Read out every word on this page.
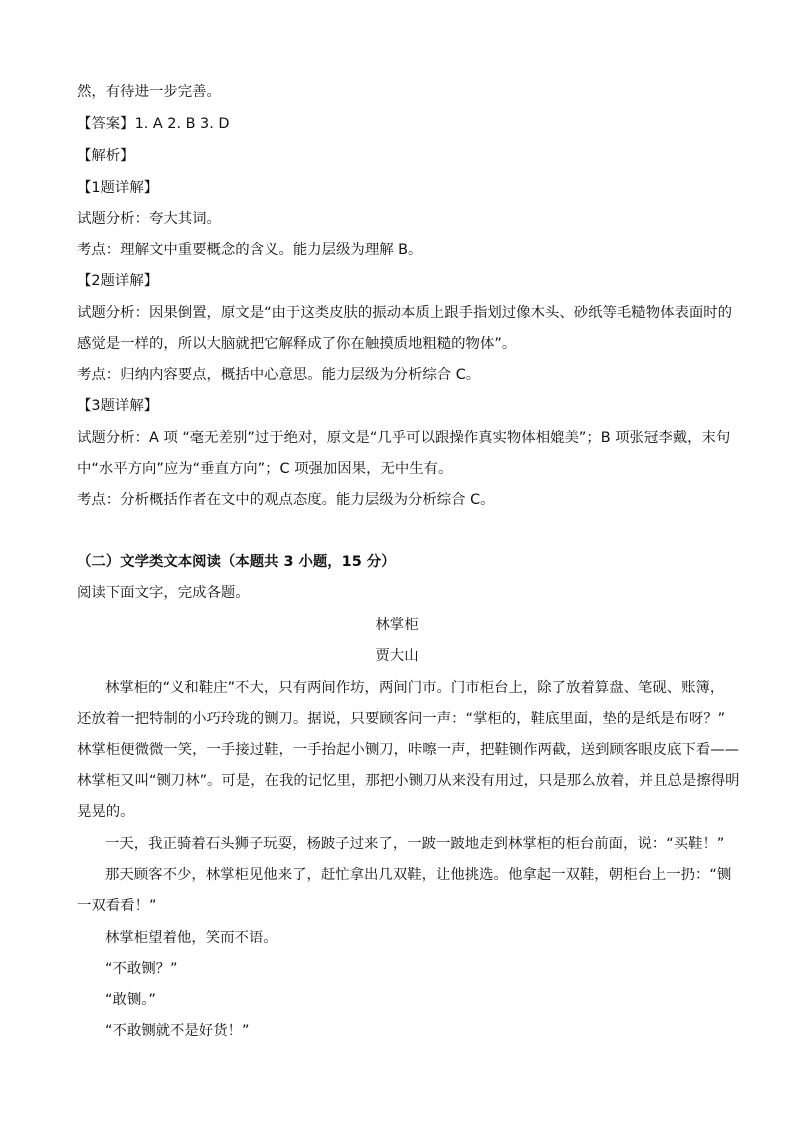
然，有待进一步完善。
【答案】1. A 2. B 3. D
【解析】
【1题详解】
试题分析：夸大其词。
考点：理解文中重要概念的含义。能力层级为理解 B。
【2题详解】
试题分析：因果倒置，原文是“由于这类皮肤的振动本质上跟手指划过像木头、砂纸等毛糙物体表面时的
感觉是一样的，所以大脑就把它解释成了你在触摸质地粗糙的物体”。
考点：归纳内容要点，概括中心意思。能力层级为分析综合 C。
【3题详解】
试题分析：A 项 “毫无差别”过于绝对，原文是“几乎可以跟操作真实物体相媲美”；B 项张冠李戴，末句
中“水平方向”应为“垂直方向”；C 项强加因果，无中生有。
考点：分析概括作者在文中的观点态度。能力层级为分析综合 C。
（二）文学类文本阅读（本题共 3 小题，15 分）
阅读下面文字，完成各题。
林掌柜
贾大山
林掌柜的“义和鞋庄”不大，只有两间作坊，两间门市。门市柜台上，除了放着算盘、笔砚、账簿，
还放着一把特制的小巧玲珑的铡刀。据说，只要顾客问一声：“掌柜的，鞋底里面，垫的是纸是布呀？”
林掌柜便微微一笑，一手接过鞋，一手抬起小铡刀，咔嚓一声，把鞋铡作两截，送到顾客眼皮底下看——
林掌柜又叫“铡刀林”。可是，在我的记忆里，那把小铡刀从来没有用过，只是那么放着，并且总是擦得明
晃晃的。
一天，我正骑着石头狮子玩耍，杨跛子过来了，一跛一跛地走到林掌柜的柜台前面，说：“买鞋！”
那天顾客不少，林掌柜见他来了，赶忙拿出几双鞋，让他挑选。他拿起一双鞋，朝柜台上一扔：“铡
一双看看！”
林掌柜望着他，笑而不语。
“不敢铡？”
“敢铡。”
“不敢铡就不是好货！”
